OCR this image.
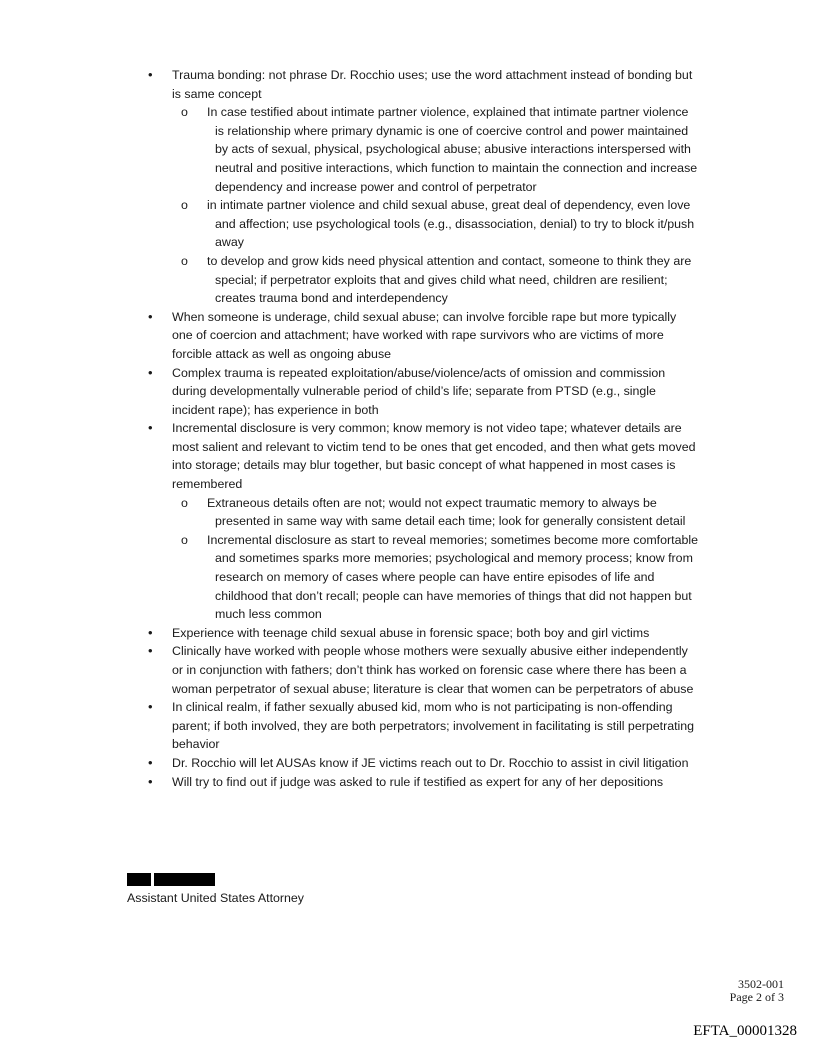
• Trauma bonding: not phrase Dr. Rocchio uses; use the word attachment instead of bonding but is same concept
o In case testified about intimate partner violence, explained that intimate partner violence is relationship where primary dynamic is one of coercive control and power maintained by acts of sexual, physical, psychological abuse; abusive interactions interspersed with neutral and positive interactions, which function to maintain the connection and increase dependency and increase power and control of perpetrator
o in intimate partner violence and child sexual abuse, great deal of dependency, even love and affection; use psychological tools (e.g., disassociation, denial) to try to block it/push away
o to develop and grow kids need physical attention and contact, someone to think they are special; if perpetrator exploits that and gives child what need, children are resilient; creates trauma bond and interdependency
• When someone is underage, child sexual abuse; can involve forcible rape but more typically one of coercion and attachment; have worked with rape survivors who are victims of more forcible attack as well as ongoing abuse
• Complex trauma is repeated exploitation/abuse/violence/acts of omission and commission during developmentally vulnerable period of child’s life; separate from PTSD (e.g., single incident rape); has experience in both
• Incremental disclosure is very common; know memory is not video tape; whatever details are most salient and relevant to victim tend to be ones that get encoded, and then what gets moved into storage; details may blur together, but basic concept of what happened in most cases is remembered
o Extraneous details often are not; would not expect traumatic memory to always be presented in same way with same detail each time; look for generally consistent detail
o Incremental disclosure as start to reveal memories; sometimes become more comfortable and sometimes sparks more memories; psychological and memory process; know from research on memory of cases where people can have entire episodes of life and childhood that don’t recall; people can have memories of things that did not happen but much less common
• Experience with teenage child sexual abuse in forensic space; both boy and girl victims
• Clinically have worked with people whose mothers were sexually abusive either independently or in conjunction with fathers; don’t think has worked on forensic case where there has been a woman perpetrator of sexual abuse; literature is clear that women can be perpetrators of abuse
• In clinical realm, if father sexually abused kid, mom who is not participating is non-offending parent; if both involved, they are both perpetrators; involvement in facilitating is still perpetrating behavior
• Dr. Rocchio will let AUSAs know if JE victims reach out to Dr. Rocchio to assist in civil litigation
• Will try to find out if judge was asked to rule if testified as expert for any of her depositions
Assistant United States Attorney
3502-001
Page 2 of 3
EFTA_00001328
